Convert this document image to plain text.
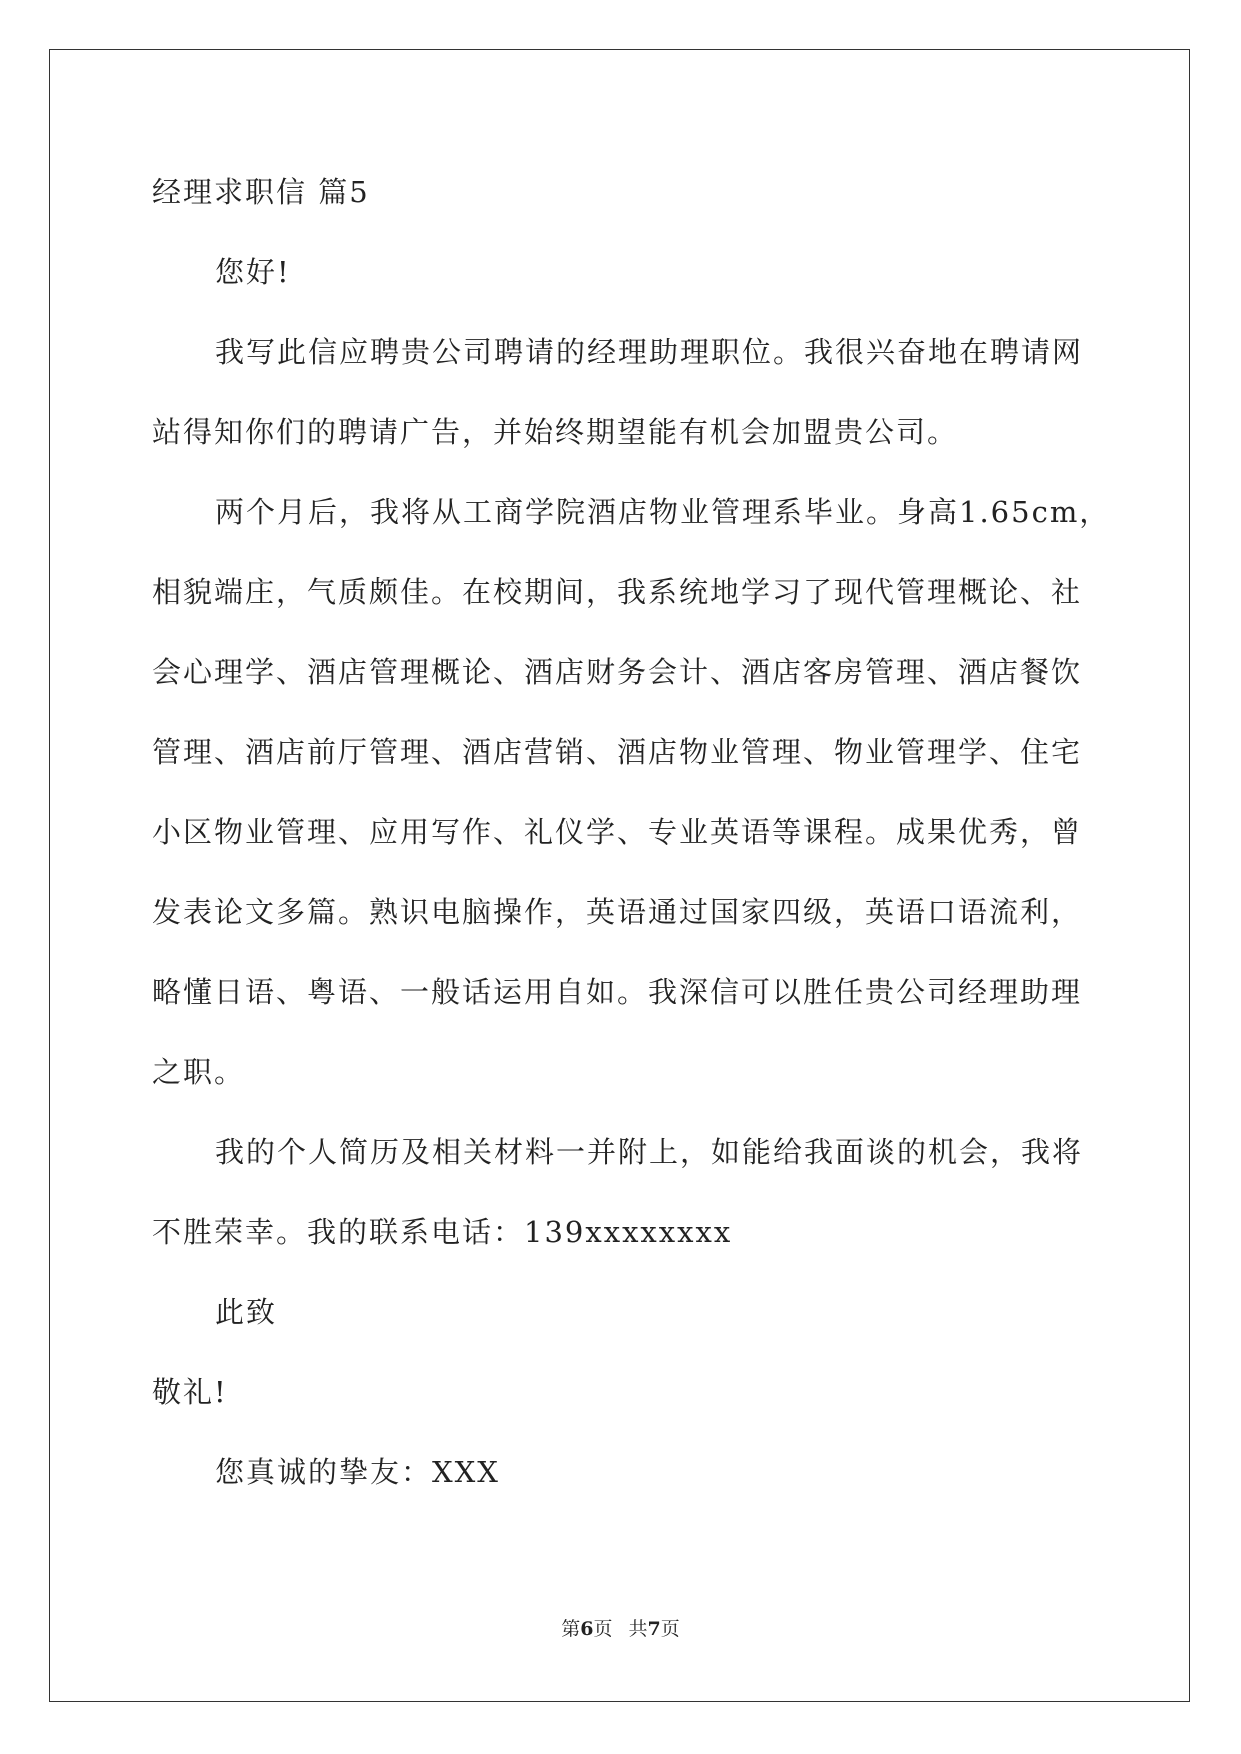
经理求职信 篇5
您好!
我写此信应聘贵公司聘请的经理助理职位。我很兴奋地在聘请网
站得知你们的聘请广告，并始终期望能有机会加盟贵公司。
两个月后，我将从工商学院酒店物业管理系毕业。身高1.65cm，
相貌端庄，气质颇佳。在校期间，我系统地学习了现代管理概论、社
会心理学、酒店管理概论、酒店财务会计、酒店客房管理、酒店餐饮
管理、酒店前厅管理、酒店营销、酒店物业管理、物业管理学、住宅
小区物业管理、应用写作、礼仪学、专业英语等课程。成果优秀，曾
发表论文多篇。熟识电脑操作，英语通过国家四级，英语口语流利，
略懂日语、粤语、一般话运用自如。我深信可以胜任贵公司经理助理
之职。
我的个人简历及相关材料一并附上，如能给我面谈的机会，我将
不胜荣幸。我的联系电话：139xxxxxxxx
此致
敬礼!
您真诚的挚友：XXX
第6页 共7页
